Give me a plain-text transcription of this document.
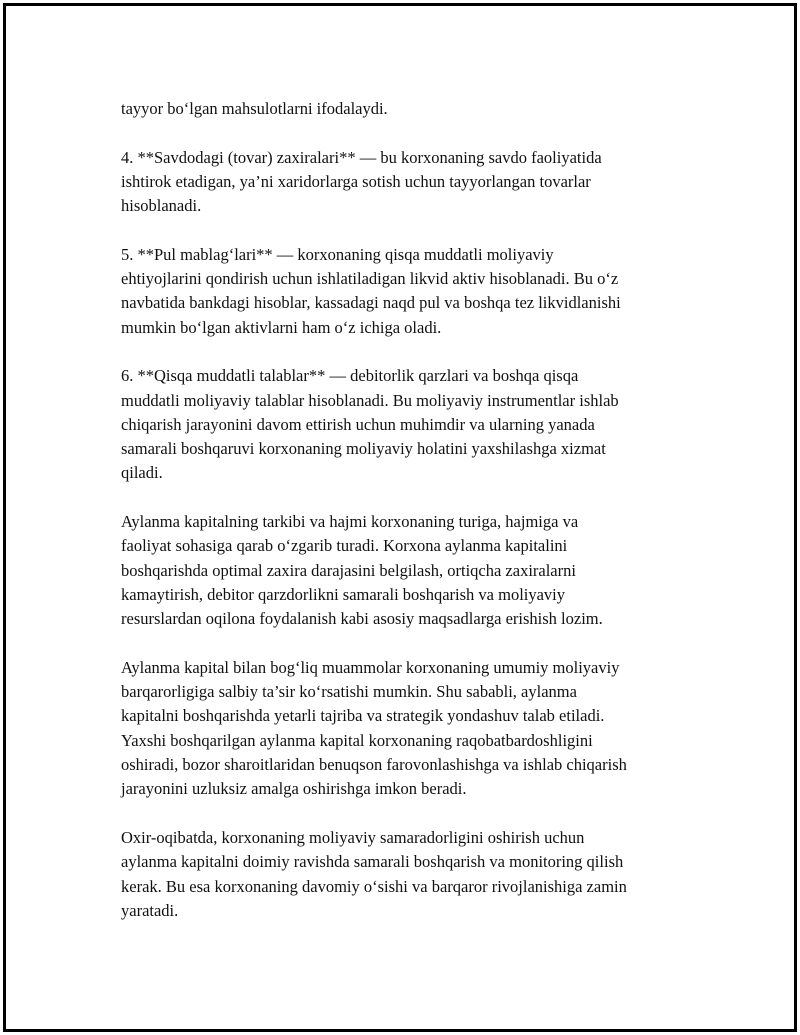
tayyor bo‘lgan mahsulotlarni ifodalaydi.

4. **Savdodagi (tovar) zaxiralari** — bu korxonaning savdo faoliyatida
ishtirok etadigan, ya’ni xaridorlarga sotish uchun tayyorlangan tovarlar
hisoblanadi.

5. **Pul mablag‘lari** — korxonaning qisqa muddatli moliyaviy
ehtiyojlarini qondirish uchun ishlatiladigan likvid aktiv hisoblanadi. Bu o‘z
navbatida bankdagi hisoblar, kassadagi naqd pul va boshqa tez likvidlanishi
mumkin bo‘lgan aktivlarni ham o‘z ichiga oladi.

6. **Qisqa muddatli talablar** — debitorlik qarzlari va boshqa qisqa
muddatli moliyaviy talablar hisoblanadi. Bu moliyaviy instrumentlar ishlab
chiqarish jarayonini davom ettirish uchun muhimdir va ularning yanada
samarali boshqaruvi korxonaning moliyaviy holatini yaxshilashga xizmat
qiladi.

Aylanma kapitalning tarkibi va hajmi korxonaning turiga, hajmiga va
faoliyat sohasiga qarab o‘zgarib turadi. Korxona aylanma kapitalini
boshqarishda optimal zaxira darajasini belgilash, ortiqcha zaxiralarni
kamaytirish, debitor qarzdorlikni samarali boshqarish va moliyaviy
resurslardan oqilona foydalanish kabi asosiy maqsadlarga erishish lozim.

Aylanma kapital bilan bog‘liq muammolar korxonaning umumiy moliyaviy
barqarorligiga salbiy ta’sir ko‘rsatishi mumkin. Shu sababli, aylanma
kapitalni boshqarishda yetarli tajriba va strategik yondashuv talab etiladi.
Yaxshi boshqarilgan aylanma kapital korxonaning raqobatbardoshligini
oshiradi, bozor sharoitlaridan benuqson farovonlashishga va ishlab chiqarish
jarayonini uzluksiz amalga oshirishga imkon beradi.

Oxir-oqibatda, korxonaning moliyaviy samaradorligini oshirish uchun
aylanma kapitalni doimiy ravishda samarali boshqarish va monitoring qilish
kerak. Bu esa korxonaning davomiy o‘sishi va barqaror rivojlanishiga zamin
yaratadi.
